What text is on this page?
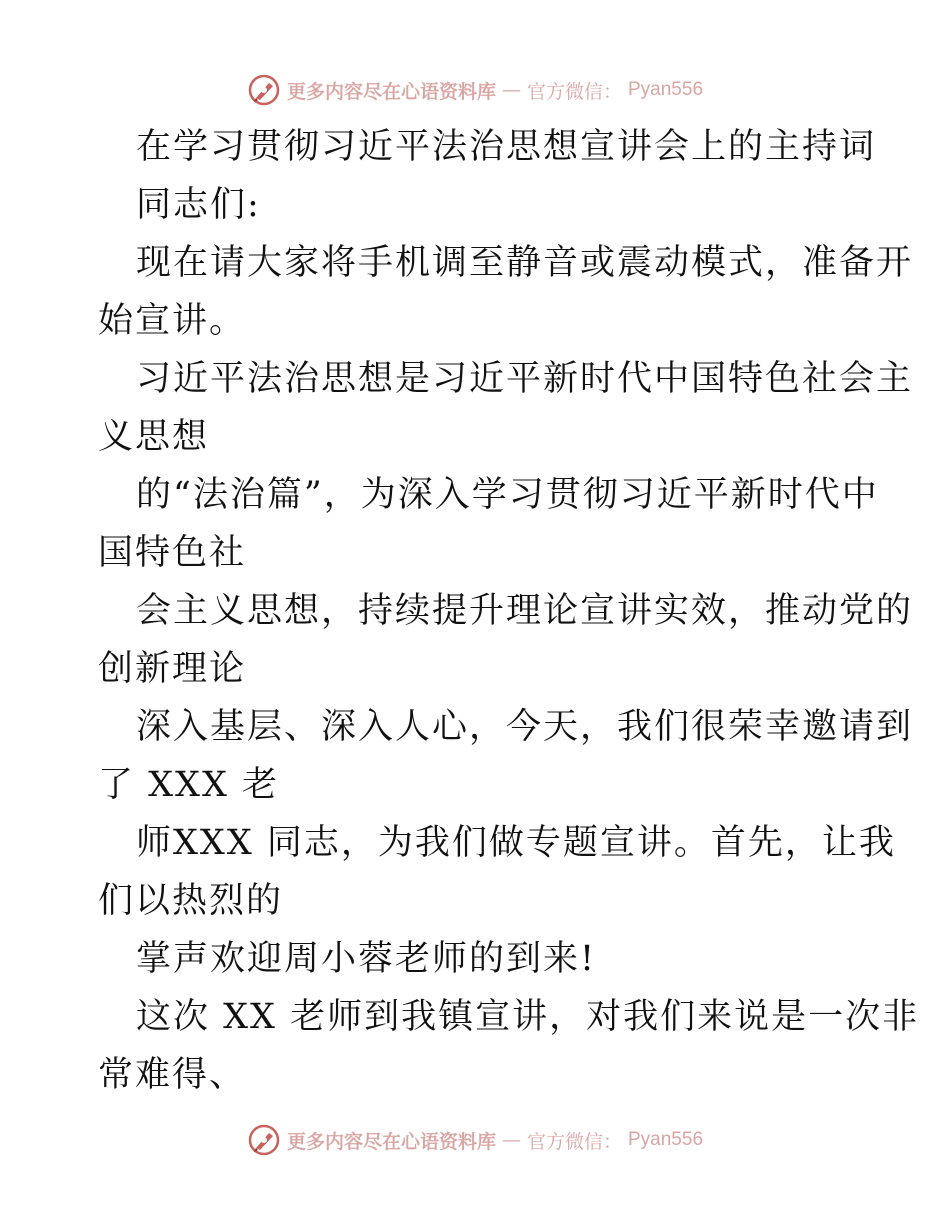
更多内容尽在心语资料库 — 官方微信： Pyan556
在学习贯彻习近平法治思想宣讲会上的主持词
同志们:
现在请大家将手机调至静音或震动模式，准备开
始宣讲。
习近平法治思想是习近平新时代中国特色社会主
义思想
的“法治篇”，为深入学习贯彻习近平新时代中
国特色社
会主义思想，持续提升理论宣讲实效，推动党的
创新理论
深入基层、深入人心，今天，我们很荣幸邀请到
了 XXX 老
师XXX 同志，为我们做专题宣讲。首先，让我
们以热烈的
掌声欢迎周小蓉老师的到来!
这次 XX 老师到我镇宣讲，对我们来说是一次非
常难得、
更多内容尽在心语资料库 — 官方微信： Pyan556
